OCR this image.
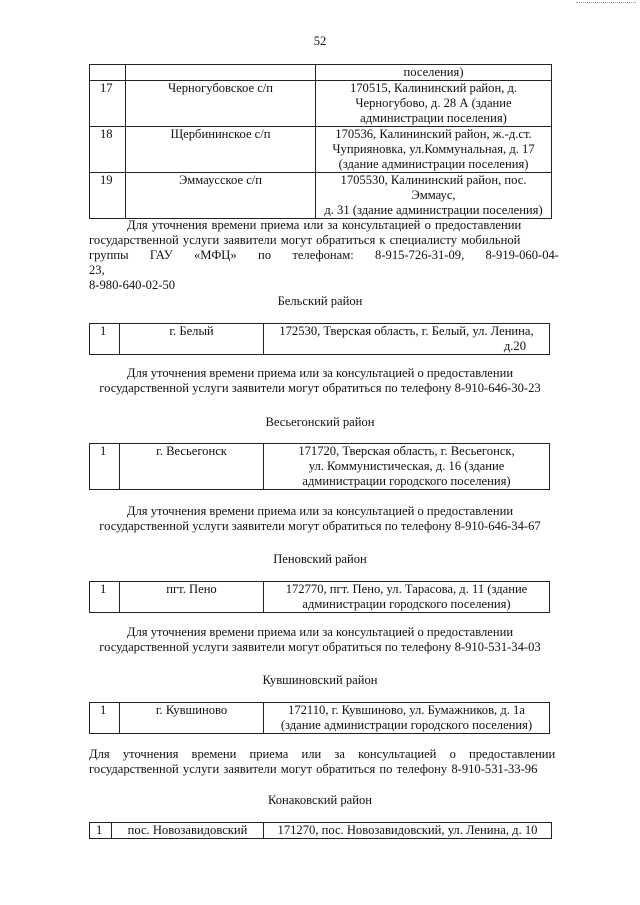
52
		поселения)
17	Черногубовское с/п	170515, Калининский район, д.
Черногубово, д. 28 А (здание
администрации поселения)

18	Щербининское с/п	170536, Калининский район, ж.-д.ст.
Чуприяновка, ул.Коммунальная, д. 17
(здание администрации поселения)

19	Эммаусское с/п	1705530, Калининский район, пос. Эммаус,
д. 31 (здание администрации поселения)
Для уточнения времени приема или за консультацией о предоставлении
государственной услуги заявители могут обратиться к специалисту мобильной
группы ГАУ «МФЦ» по телефонам: 8-915-726-31-09, 8-919-060-04-23,
8-980-640-02-50
Бельский район
1	г. Белый	172530, Тверская область, г. Белый, ул. Ленина,
д.20
Для уточнения времени приема или за консультацией о предоставлении
государственной услуги заявители могут обратиться по телефону 8-910-646-30-23
Весьегонский район
1	г. Весьегонск	171720, Тверская область, г. Весьегонск,
ул. Коммунистическая, д. 16 (здание
администрации городского поселения)
Для уточнения времени приема или за консультацией о предоставлении
государственной услуги заявители могут обратиться по телефону 8-910-646-34-67
Пеновский район
1	пгт. Пено	172770, пгт. Пено, ул. Тарасова, д. 11 (здание
администрации городского поселения)
Для уточнения времени приема или за консультацией о предоставлении
государственной услуги заявители могут обратиться по телефону 8-910-531-34-03
Кувшиновский район
1	г. Кувшиново	172110, г. Кувшиново, ул. Бумажников, д. 1а
(здание администрации городского поселения)
Для уточнения времени приема или за консультацией о предоставлении
государственной услуги заявители могут обратиться по телефону 8-910-531-33-96
Конаковский район
1	пос. Новозавидовский	171270, пос. Новозавидовский, ул. Ленина, д. 10
